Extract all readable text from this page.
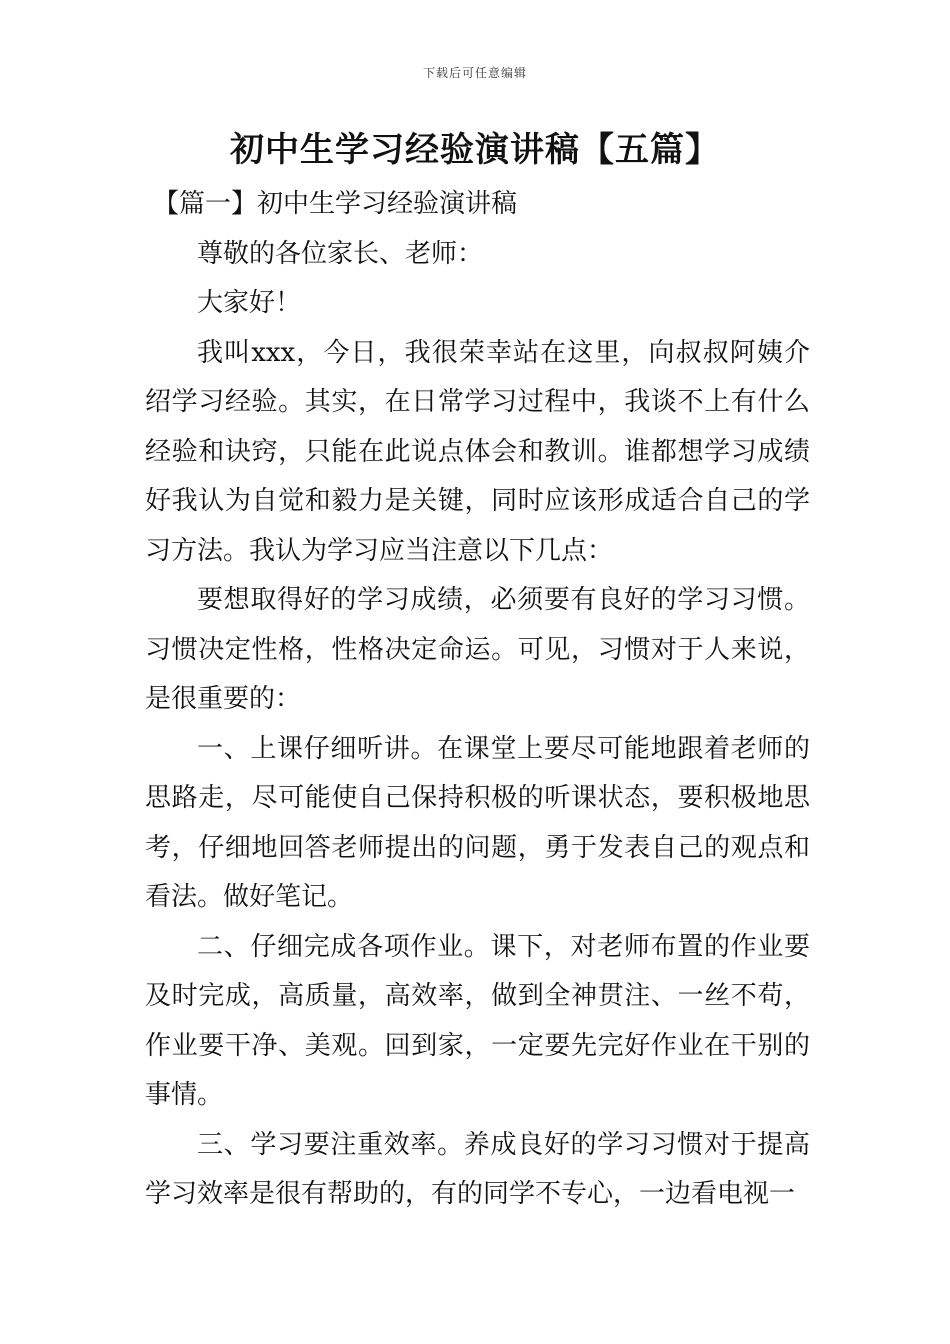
下载后可任意编辑
初中生学习经验演讲稿【五篇】

【篇一】初中生学习经验演讲稿

尊敬的各位家长、老师：

大家好！

我叫xxx，今日，我很荣幸站在这里，向叔叔阿姨介绍学习经验。其实，在日常学习过程中，我谈不上有什么经验和诀窍，只能在此说点体会和教训。谁都想学习成绩好我认为自觉和毅力是关键，同时应该形成适合自己的学习方法。我认为学习应当注意以下几点：

要想取得好的学习成绩，必须要有良好的学习习惯。习惯决定性格，性格决定命运。可见，习惯对于人来说，是很重要的：

一、上课仔细听讲。在课堂上要尽可能地跟着老师的思路走，尽可能使自己保持积极的听课状态，要积极地思考，仔细地回答老师提出的问题，勇于发表自己的观点和看法。做好笔记。

二、仔细完成各项作业。课下，对老师布置的作业要及时完成，高质量，高效率，做到全神贯注、一丝不苟，作业要干净、美观。回到家，一定要先完好作业在干别的事情。

三、学习要注重效率。养成良好的学习习惯对于提高学习效率是很有帮助的，有的同学不专心，一边看电视一
